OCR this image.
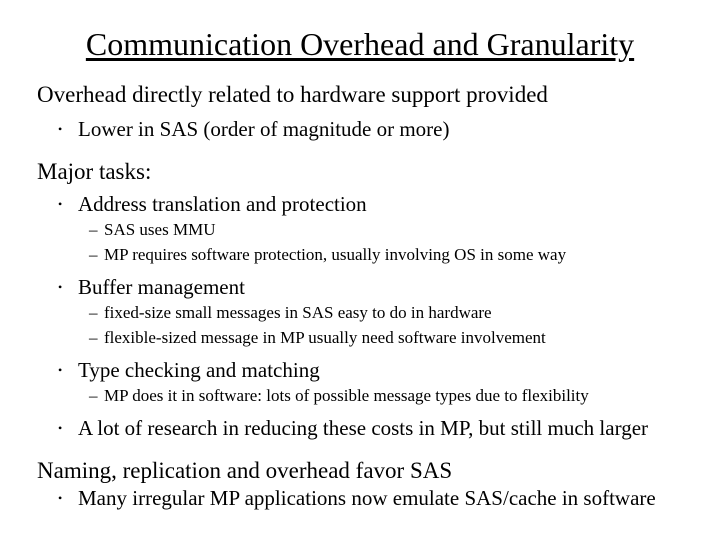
Communication Overhead and Granularity
Overhead directly related to hardware support provided
• Lower in SAS (order of magnitude or more)
Major tasks:
• Address translation and protection
– SAS uses MMU
– MP requires software protection, usually involving OS in some way
• Buffer management
– fixed-size small messages in SAS easy to do in hardware
– flexible-sized message in MP usually need software involvement
• Type checking and matching
– MP does it in software: lots of possible message types due to flexibility
• A lot of research in reducing these costs in MP, but still much larger
Naming, replication and overhead favor SAS
• Many irregular MP applications now emulate SAS/cache in software
